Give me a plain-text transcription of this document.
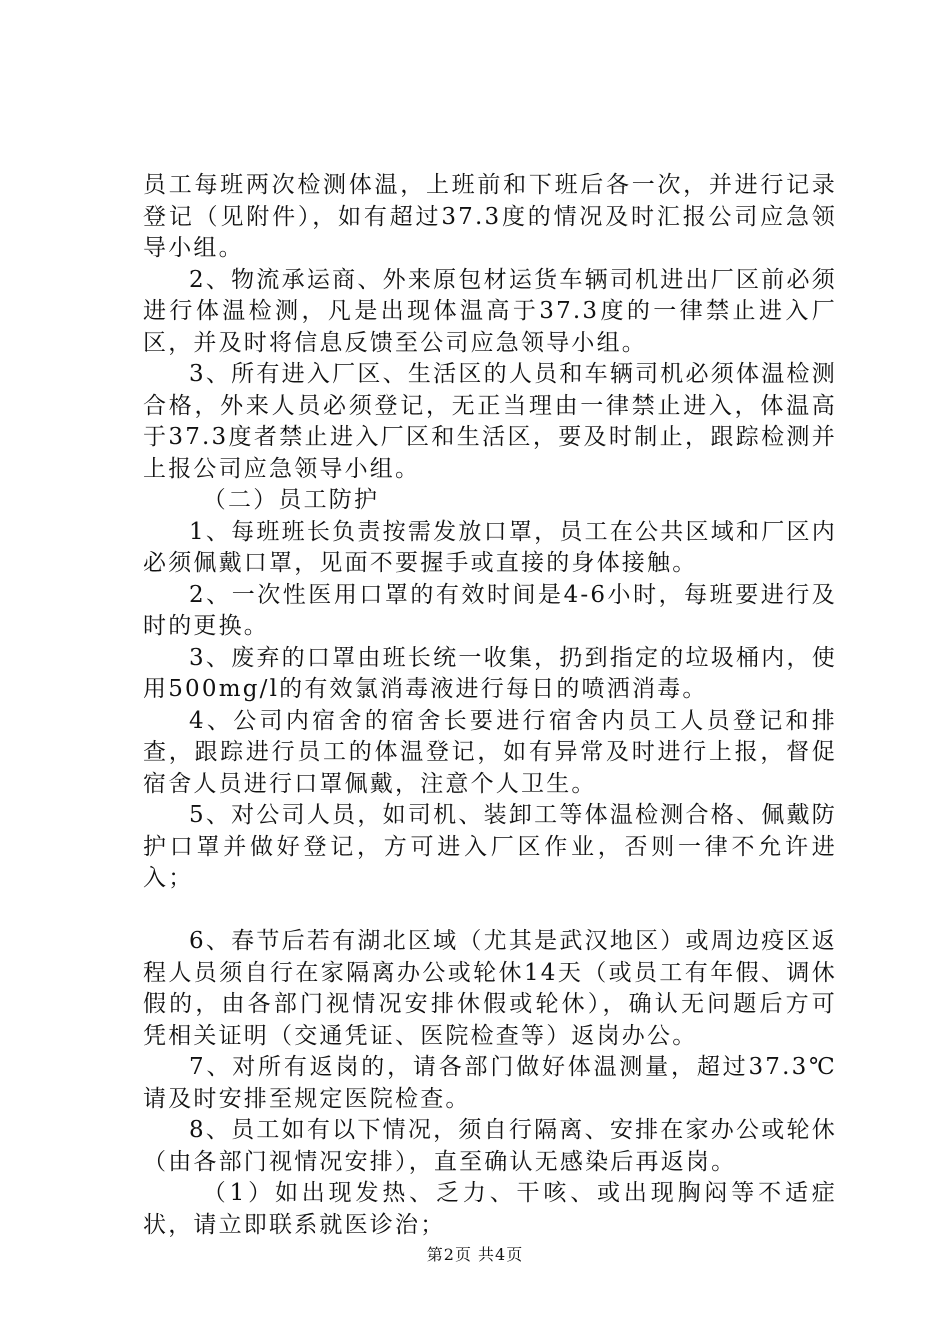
员工每班两次检测体温，上班前和下班后各一次，并进行记录登记（见附件），如有超过37.3度的情况及时汇报公司应急领导小组。

2、物流承运商、外来原包材运货车辆司机进出厂区前必须进行体温检测，凡是出现体温高于37.3度的一律禁止进入厂区，并及时将信息反馈至公司应急领导小组。

3、所有进入厂区、生活区的人员和车辆司机必须体温检测合格，外来人员必须登记，无正当理由一律禁止进入，体温高于37.3度者禁止进入厂区和生活区，要及时制止，跟踪检测并上报公司应急领导小组。

（二）员工防护

1、每班班长负责按需发放口罩，员工在公共区域和厂区内必须佩戴口罩，见面不要握手或直接的身体接触。

2、一次性医用口罩的有效时间是4-6小时，每班要进行及时的更换。

3、废弃的口罩由班长统一收集，扔到指定的垃圾桶内，使用500mg/l的有效氯消毒液进行每日的喷洒消毒。

4、公司内宿舍的宿舍长要进行宿舍内员工人员登记和排查，跟踪进行员工的体温登记，如有异常及时进行上报，督促宿舍人员进行口罩佩戴，注意个人卫生。

5、对公司人员，如司机、装卸工等体温检测合格、佩戴防护口罩并做好登记，方可进入厂区作业，否则一律不允许进入；

6、春节后若有湖北区域（尤其是武汉地区）或周边疫区返程人员须自行在家隔离办公或轮休14天（或员工有年假、调休假的，由各部门视情况安排休假或轮休），确认无问题后方可凭相关证明（交通凭证、医院检查等）返岗办公。

7、对所有返岗的，请各部门做好体温测量，超过37.3℃请及时安排至规定医院检查。

8、员工如有以下情况，须自行隔离、安排在家办公或轮休（由各部门视情况安排），直至确认无感染后再返岗。

（1）如出现发热、乏力、干咳、或出现胸闷等不适症状，请立即联系就医诊治；

第2页 共4页
